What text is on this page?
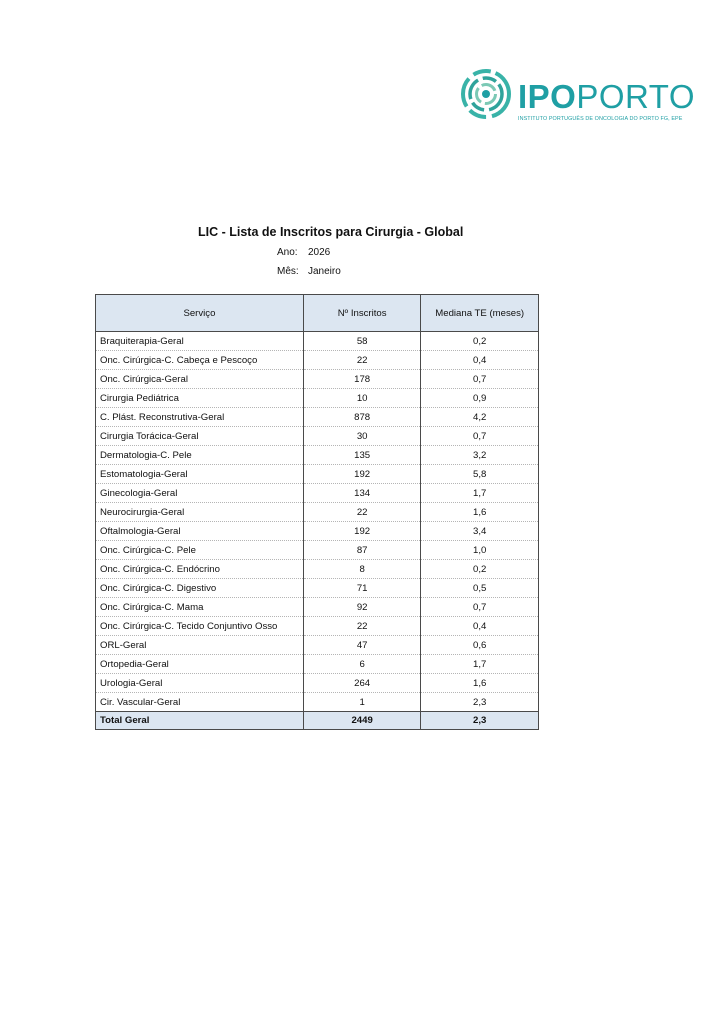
IPOPORTO
INSTITUTO PORTUGUÊS DE ONCOLOGIA DO PORTO FG, EPE
LIC - Lista de Inscritos para Cirurgia - Global
Ano: 2026
Mês: Janeiro
Serviço	Nº Inscritos	Mediana TE (meses)
Braquiterapia-Geral	58	0,2
Onc. Cirúrgica-C. Cabeça e Pescoço	22	0,4
Onc. Cirúrgica-Geral	178	0,7
Cirurgia Pediátrica	10	0,9
C. Plást. Reconstrutiva-Geral	878	4,2
Cirurgia Torácica-Geral	30	0,7
Dermatologia-C. Pele	135	3,2
Estomatologia-Geral	192	5,8
Ginecologia-Geral	134	1,7
Neurocirurgia-Geral	22	1,6
Oftalmologia-Geral	192	3,4
Onc. Cirúrgica-C. Pele	87	1,0
Onc. Cirúrgica-C. Endócrino	8	0,2
Onc. Cirúrgica-C. Digestivo	71	0,5
Onc. Cirúrgica-C. Mama	92	0,7
Onc. Cirúrgica-C. Tecido Conjuntivo Osso	22	0,4
ORL-Geral	47	0,6
Ortopedia-Geral	6	1,7
Urologia-Geral	264	1,6
Cir. Vascular-Geral	1	2,3
Total Geral	2449	2,3
